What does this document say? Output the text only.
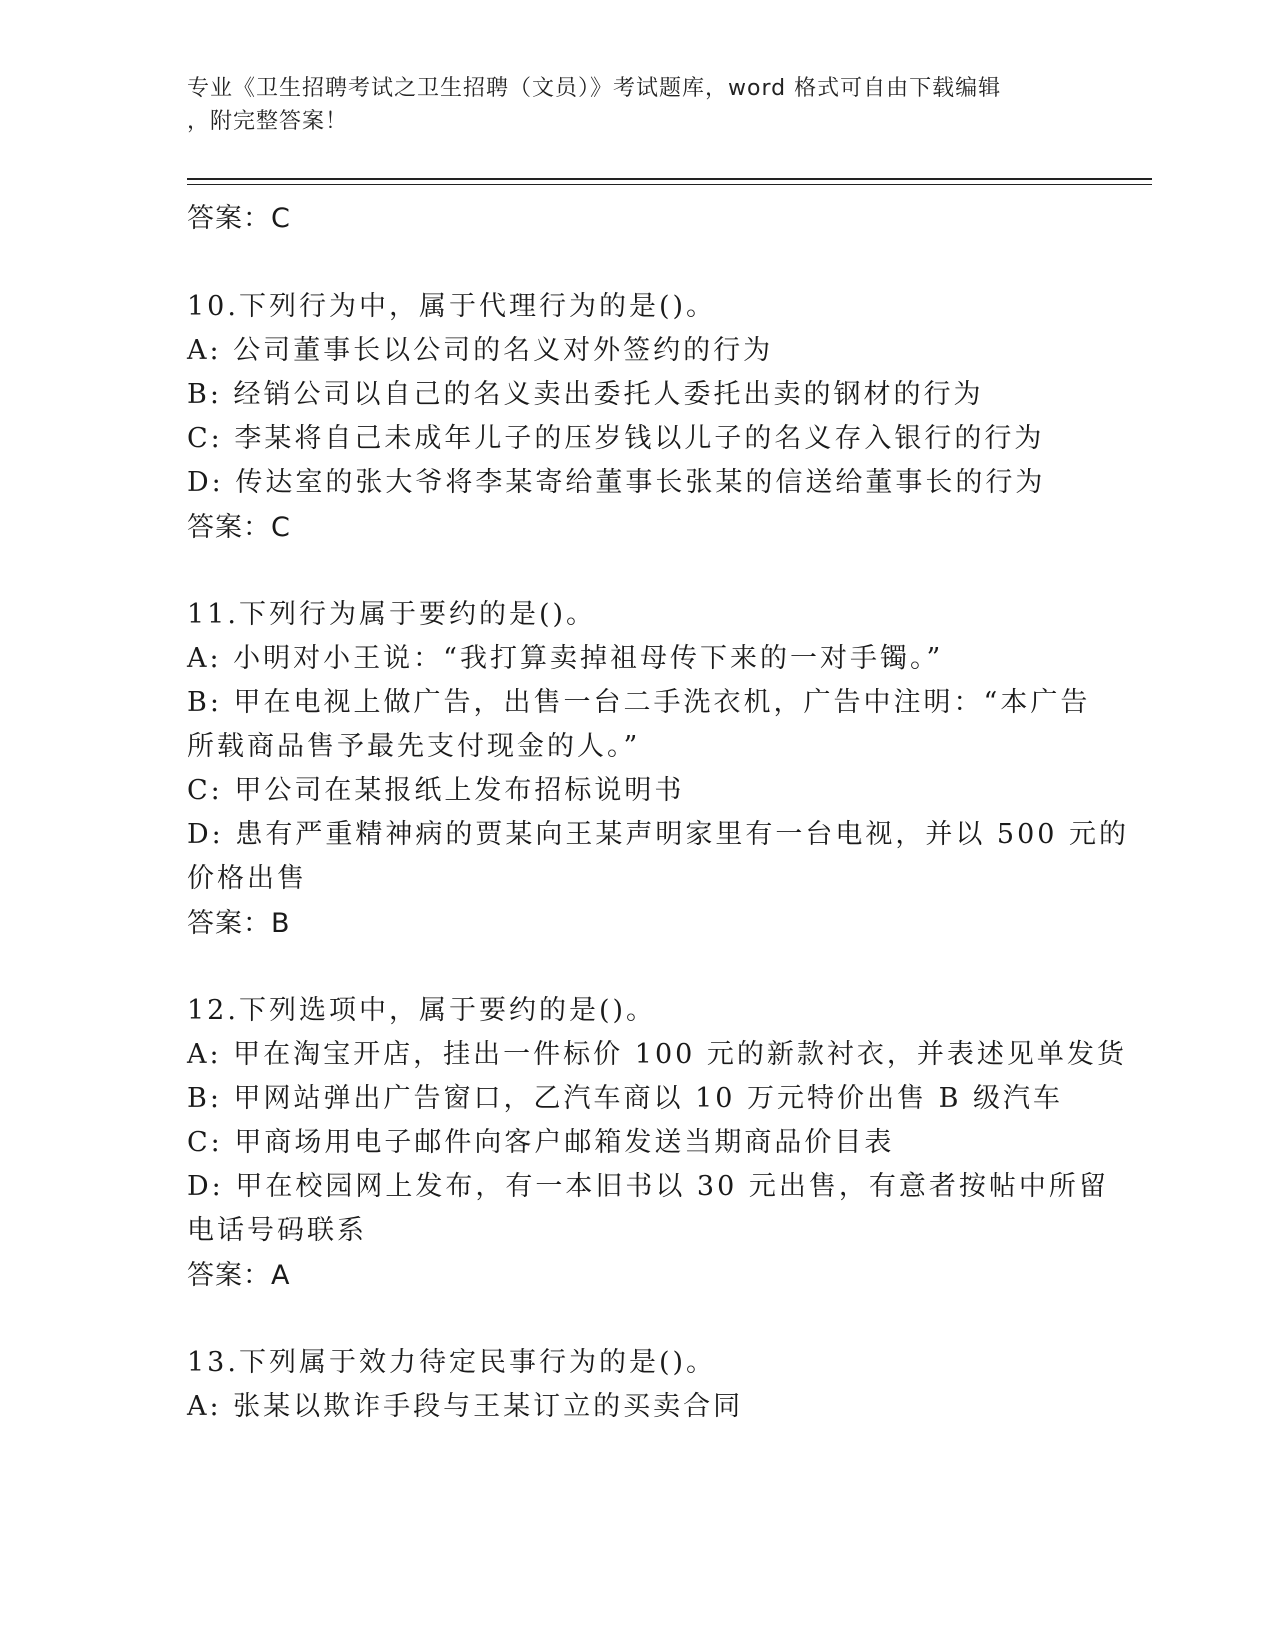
专业《卫生招聘考试之卫生招聘（文员）》考试题库，word 格式可自由下载编辑
，附完整答案！
答案：C
10.下列行为中，属于代理行为的是()。
A: 公司董事长以公司的名义对外签约的行为
B: 经销公司以自己的名义卖出委托人委托出卖的钢材的行为
C: 李某将自己未成年儿子的压岁钱以儿子的名义存入银行的行为
D: 传达室的张大爷将李某寄给董事长张某的信送给董事长的行为
答案：C
11.下列行为属于要约的是()。
A: 小明对小王说：“我打算卖掉祖母传下来的一对手镯。”
B: 甲在电视上做广告，出售一台二手洗衣机，广告中注明：“本广告
所载商品售予最先支付现金的人。”
C: 甲公司在某报纸上发布招标说明书
D: 患有严重精神病的贾某向王某声明家里有一台电视，并以 500 元的
价格出售
答案：B
12.下列选项中，属于要约的是()。
A: 甲在淘宝开店，挂出一件标价 100 元的新款衬衣，并表述见单发货
B: 甲网站弹出广告窗口，乙汽车商以 10 万元特价出售 B 级汽车
C: 甲商场用电子邮件向客户邮箱发送当期商品价目表
D: 甲在校园网上发布，有一本旧书以 30 元出售，有意者按帖中所留
电话号码联系
答案：A
13.下列属于效力待定民事行为的是()。
A: 张某以欺诈手段与王某订立的买卖合同
